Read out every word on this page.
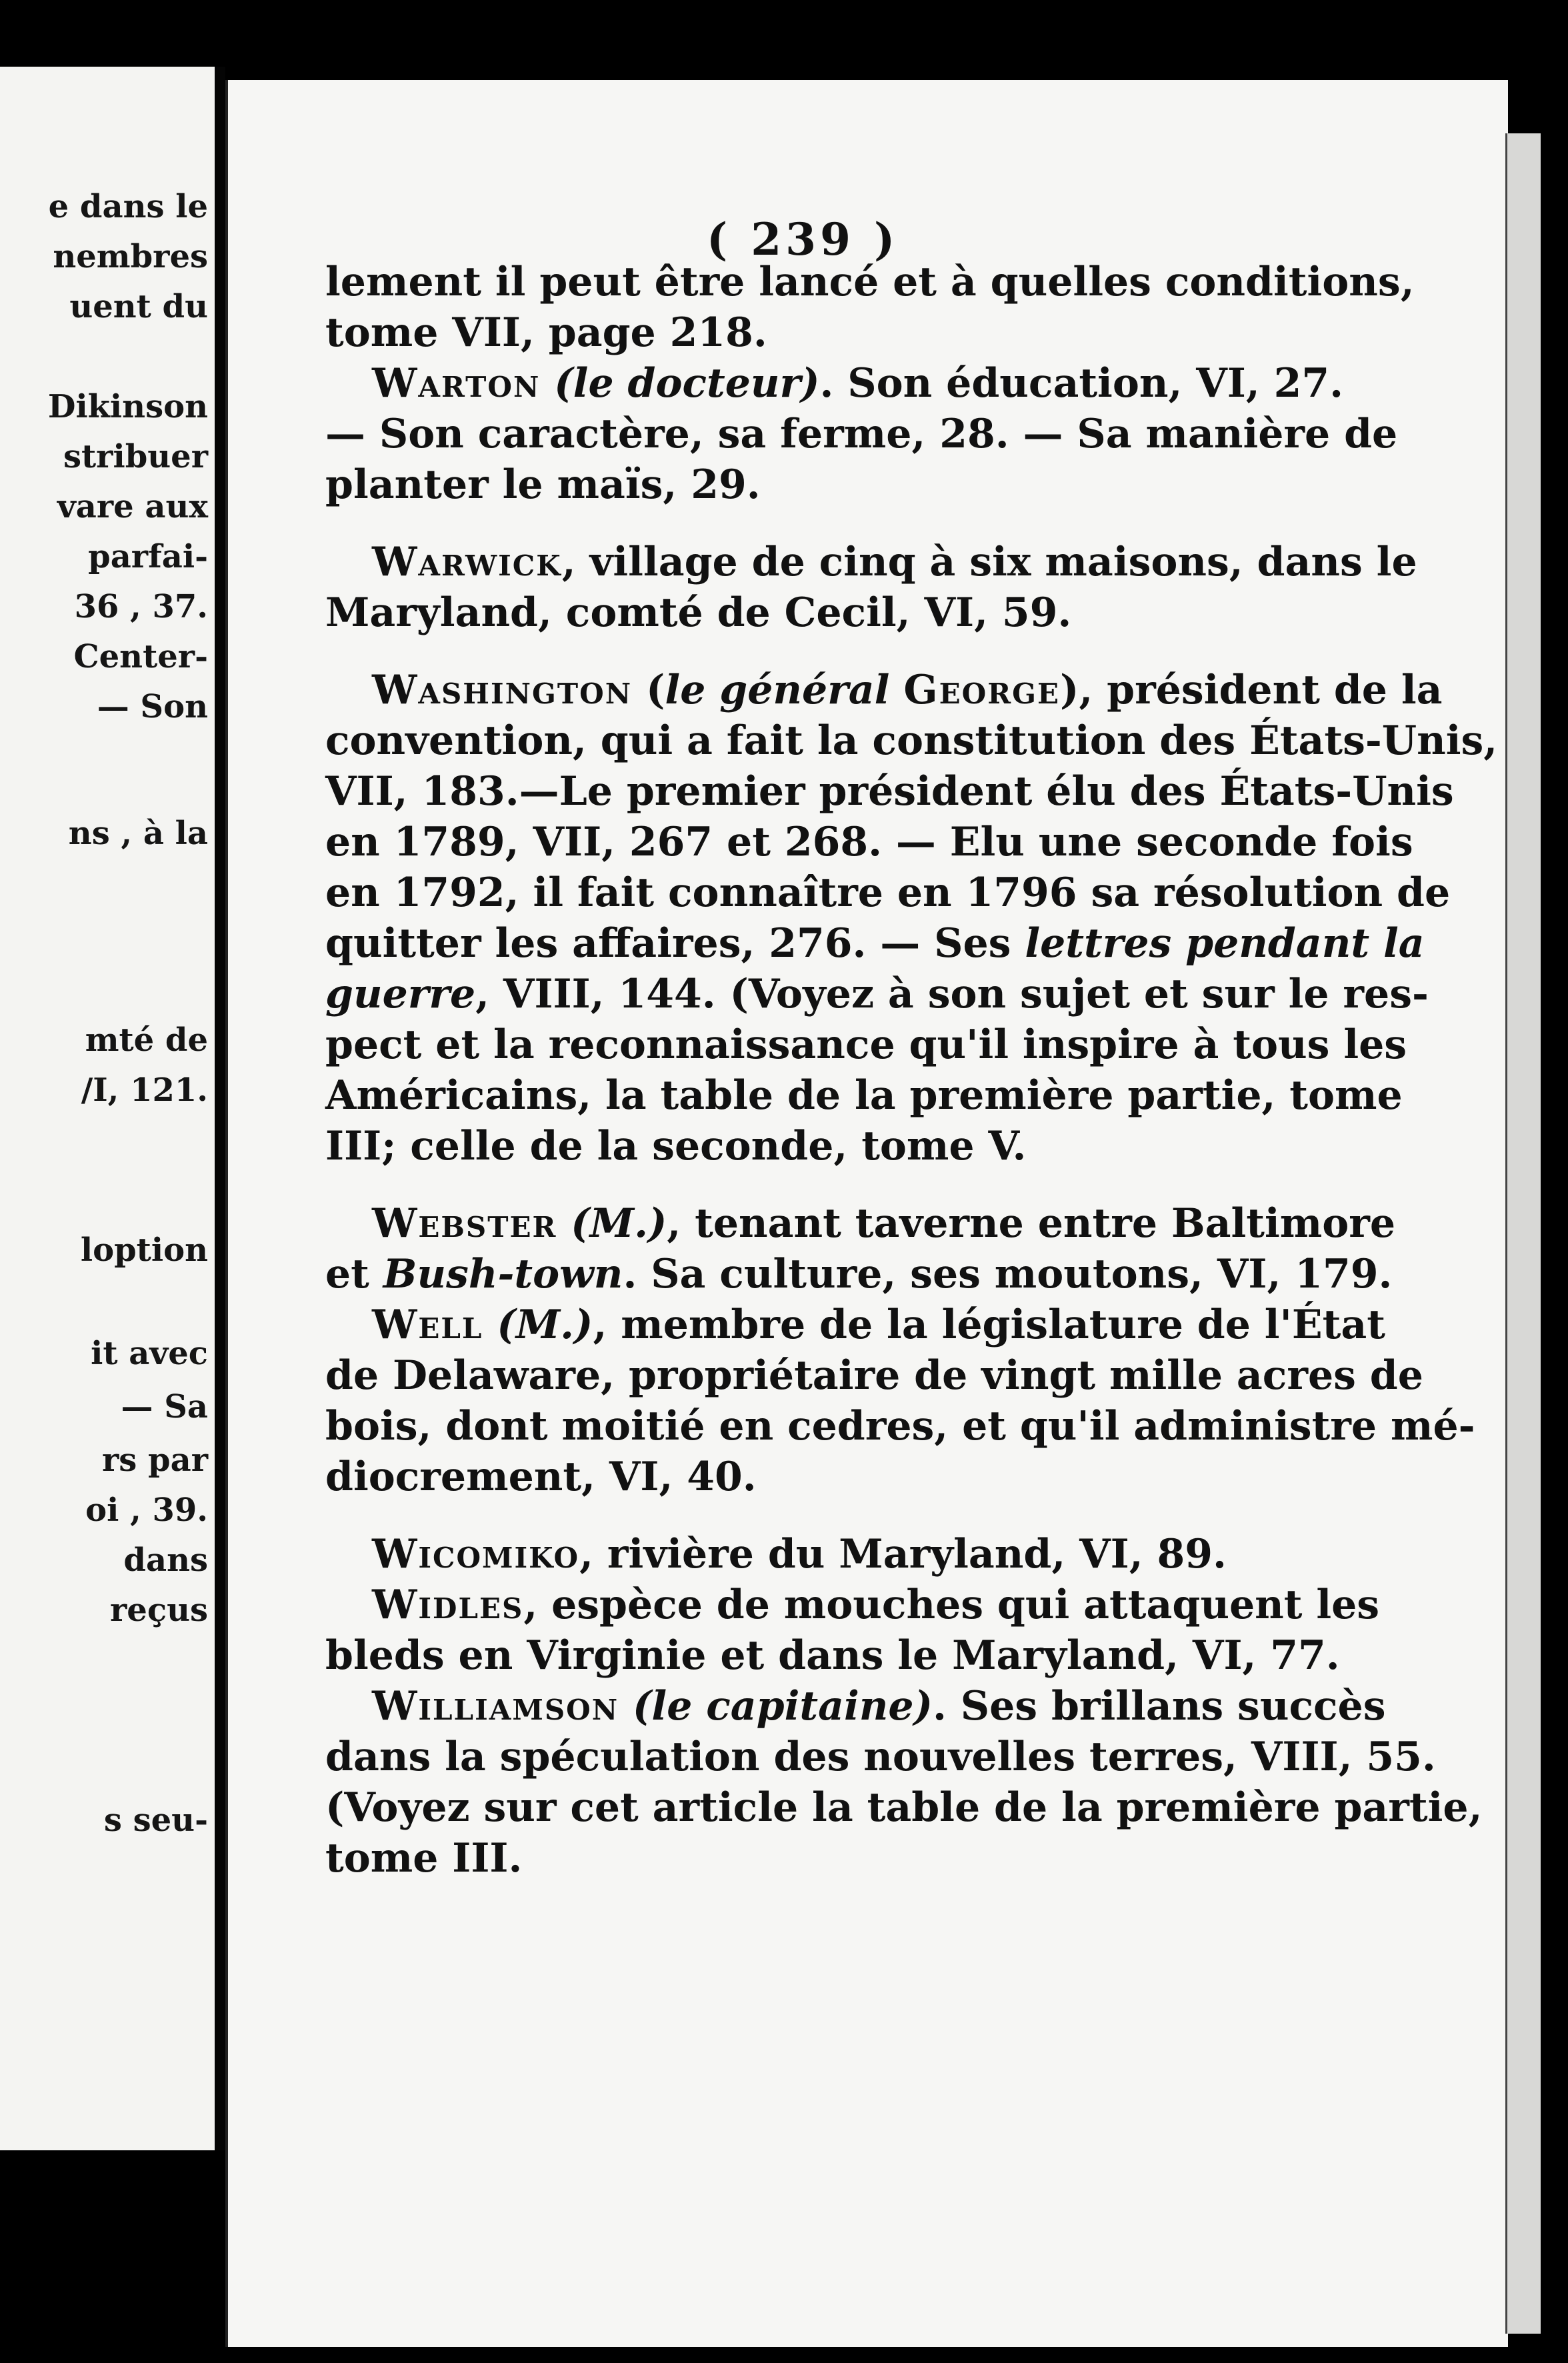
e dans le
nembres
uent du
Dikinson
stribuer
vare aux
parfai-
36 , 37.
Center-
— Son
ns , à la
mté de
/I, 121.
loption
it avec
— Sa
rs par
oi , 39.
dans
reçus
s seu-
( 239 )
lement il peut être lancé et à quelles conditions,
tome VII, page 218.
Warton (le docteur). Son éducation, VI, 27.
— Son caractère, sa ferme, 28. — Sa manière de
planter le maïs, 29.
Warwick, village de cinq à six maisons, dans le
Maryland, comté de Cecil, VI, 59.
Washington (le général George), président de la
convention, qui a fait la constitution des États-Unis,
VII, 183.—Le premier président élu des États-Unis
en 1789, VII, 267 et 268. — Elu une seconde fois
en 1792, il fait connaître en 1796 sa résolution de
quitter les affaires, 276. — Ses lettres pendant la
guerre, VIII, 144. (Voyez à son sujet et sur le res-
pect et la reconnaissance qu'il inspire à tous les
Américains, la table de la première partie, tome
III; celle de la seconde, tome V.
Webster (M.), tenant taverne entre Baltimore
et Bush-town. Sa culture, ses moutons, VI, 179.
Well (M.), membre de la législature de l'État
de Delaware, propriétaire de vingt mille acres de
bois, dont moitié en cedres, et qu'il administre mé-
diocrement, VI, 40.
Wicomiko, rivière du Maryland, VI, 89.
Widles, espèce de mouches qui attaquent les
bleds en Virginie et dans le Maryland, VI, 77.
Williamson (le capitaine). Ses brillans succès
dans la spéculation des nouvelles terres, VIII, 55.
(Voyez sur cet article la table de la première partie,
tome III.
